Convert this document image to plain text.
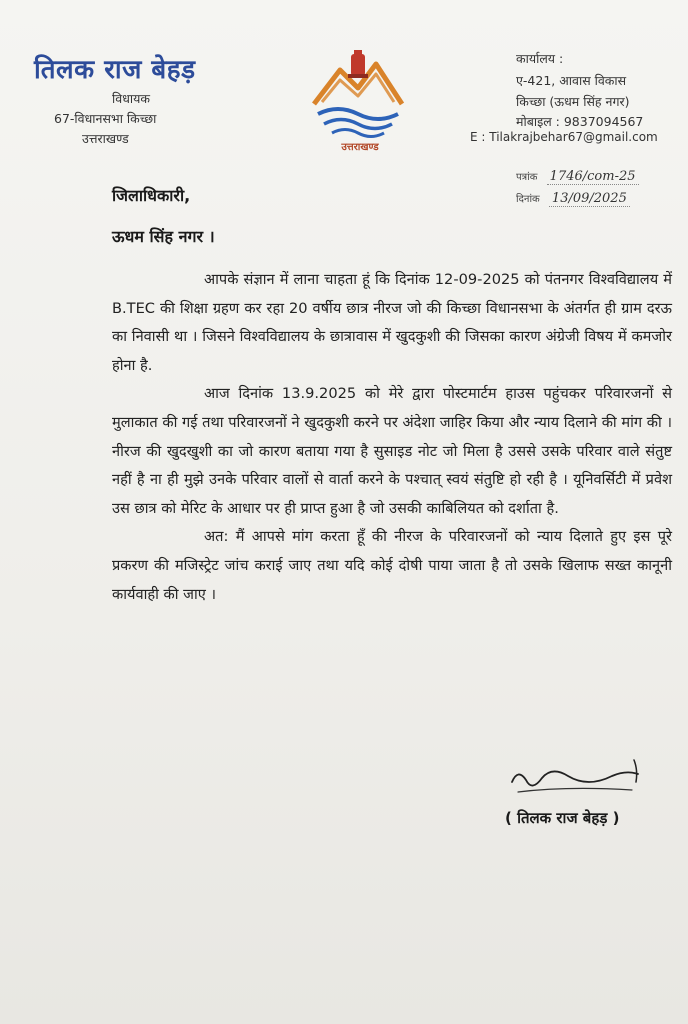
तिलक राज बेहड़
विधायक
67-विधानसभा किच्छा
उत्तराखण्ड
उत्तराखण्ड
कार्यालय :
ए-421, आवास विकास
किच्छा (ऊधम सिंह नगर)
मोबाइल : 9837094567
E : Tilakrajbehar67@gmail.com
पत्रांक 1746/com-25
दिनांक 13/09/2025
जिलाधिकारी,
ऊधम सिंह नगर ।

आपके संज्ञान में लाना चाहता हूं कि दिनांक 12-09-2025 को पंतनगर विश्वविद्यालय में B.TEC की शिक्षा ग्रहण कर रहा 20 वर्षीय छात्र नीरज जो की किच्छा विधानसभा के अंतर्गत ही ग्राम दरऊ का निवासी था । जिसने विश्वविद्यालय के छात्रावास में खुदकुशी की जिसका कारण अंग्रेजी विषय में कमजोर होना है.

आज दिनांक 13.9.2025 को मेरे द्वारा पोस्टमार्टम हाउस पहुंचकर परिवारजनों से मुलाकात की गई तथा परिवारजनों ने खुदकुशी करने पर अंदेशा जाहिर किया और न्याय दिलाने की मांग की । नीरज की खुदखुशी का जो कारण बताया गया है सुसाइड नोट जो मिला है उससे उसके परिवार वाले संतुष्ट नहीं है ना ही मुझे उनके परिवार वालों से वार्ता करने के पश्चात् स्वयं संतुष्टि हो रही है । यूनिवर्सिटी में प्रवेश उस छात्र को मेरिट के आधार पर ही प्राप्त हुआ है जो उसकी काबिलियत को दर्शाता है.

अत: मैं आपसे मांग करता हूँ की नीरज के परिवारजनों को न्याय दिलाते हुए इस पूरे प्रकरण की मजिस्ट्रेट जांच कराई जाए तथा यदि कोई दोषी पाया जाता है तो उसके खिलाफ सख्त कानूनी कार्यवाही की जाए ।

( तिलक राज बेहड़ )
